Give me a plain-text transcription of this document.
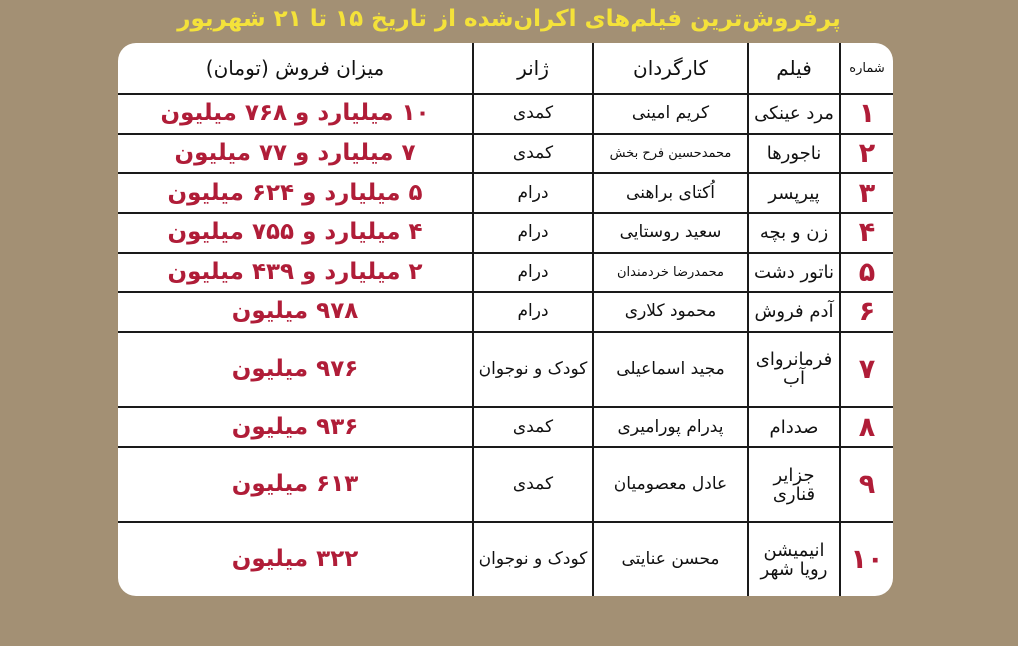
پرفروش‌ترین فیلم‌های اکران‌شده از تاریخ ۱۵ تا ۲۱ شهریور
شماره	فیلم	کارگردان	ژانر	میزان فروش (تومان)
۱	مرد عینکی	کریم امینی	کمدی	۱۰ میلیارد و ۷۶۸ میلیون
۲	ناجورها	محمدحسین فرح بخش	کمدی	۷ میلیارد و ۷۷ میلیون
۳	پیرپسر	اُکتای براهنی	درام	۵ میلیارد و ۶۲۴ میلیون
۴	زن و بچه	سعید روستایی	درام	۴ میلیارد و ۷۵۵ میلیون
۵	ناتور دشت	محمدرضا خردمندان	درام	۲ میلیارد و ۴۳۹ میلیون
۶	آدم فروش	محمود کلاری	درام	۹۷۸ میلیون
۷	فرمانروای آب	مجید اسماعیلی	کودک و نوجوان	۹۷۶ میلیون
۸	صددام	پدرام پورامیری	کمدی	۹۳۶ میلیون
۹	جزایر قناری	عادل معصومیان	کمدی	۶۱۳ میلیون
۱۰	انیمیشن رویا شهر	محسن عنایتی	کودک و نوجوان	۳۲۲ میلیون
